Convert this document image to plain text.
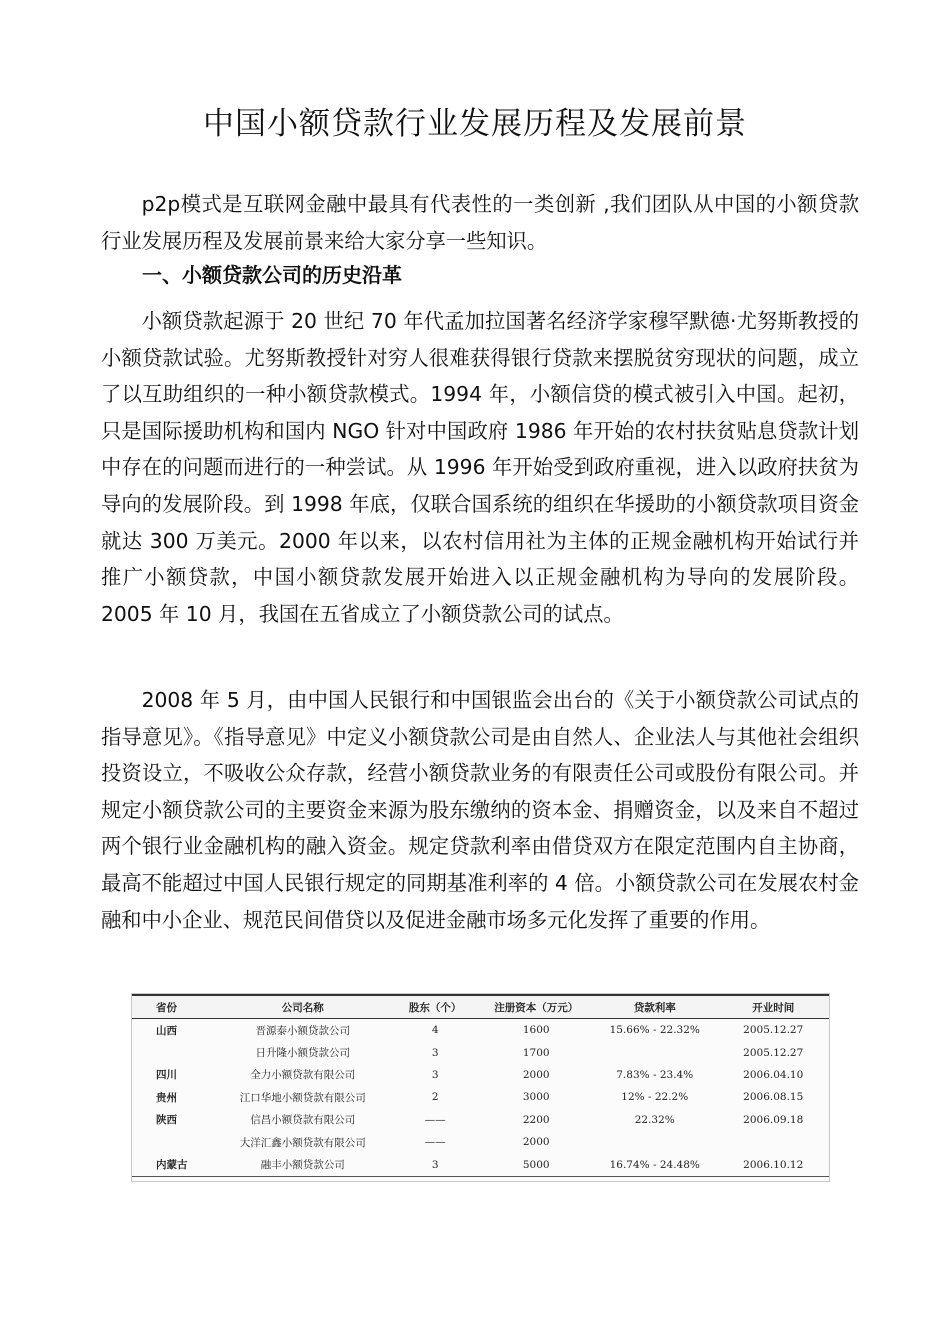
中国小额贷款行业发展历程及发展前景

p2p模式是互联网金融中最具有代表性的一类创新 ,我们团队从中国的小额贷款行业发展历程及发展前景来给大家分享一些知识。

一、小额贷款公司的历史沿革

小额贷款起源于 20 世纪 70 年代孟加拉国著名经济学家穆罕默德·尤努斯教授的小额贷款试验。尤努斯教授针对穷人很难获得银行贷款来摆脱贫穷现状的问题，成立了以互助组织的一种小额贷款模式。1994 年，小额信贷的模式被引入中国。起初，只是国际援助机构和国内 NGO 针对中国政府 1986 年开始的农村扶贫贴息贷款计划中存在的问题而进行的一种尝试。从 1996 年开始受到政府重视，进入以政府扶贫为导向的发展阶段。到 1998 年底，仅联合国系统的组织在华援助的小额贷款项目资金就达 300 万美元。2000 年以来，以农村信用社为主体的正规金融机构开始试行并推广小额贷款，中国小额贷款发展开始进入以正规金融机构为导向的发展阶段。2005 年 10 月，我国在五省成立了小额贷款公司的试点。

2008 年 5 月，由中国人民银行和中国银监会出台的《关于小额贷款公司试点的指导意见》。《指导意见》中定义小额贷款公司是由自然人、企业法人与其他社会组织投资设立，不吸收公众存款，经营小额贷款业务的有限责任公司或股份有限公司。并规定小额贷款公司的主要资金来源为股东缴纳的资本金、捐赠资金，以及来自不超过两个银行业金融机构的融入资金。规定贷款利率由借贷双方在限定范围内自主协商，最高不能超过中国人民银行规定的同期基准利率的 4 倍。小额贷款公司在发展农村金融和中小企业、规范民间借贷以及促进金融市场多元化发挥了重要的作用。

省份	公司名称	股东（个）	注册资本（万元）	贷款利率	开业时间
山西	晋源泰小额贷款公司	4	1600	15.66% - 22.32%	2005.12.27
	日升隆小额贷款公司	3	1700		2005.12.27
四川	全力小额贷款有限公司	3	2000	7.83% - 23.4%	2006.04.10
贵州	江口华地小额贷款有限公司	2	3000	12% - 22.2%	2006.08.15
陕西	信昌小额贷款有限公司	——	2200	22.32%	2006.09.18
	大洋汇鑫小额贷款有限公司	——	2000		
内蒙古	融丰小额贷款公司	3	5000	16.74% - 24.48%	2006.10.12
